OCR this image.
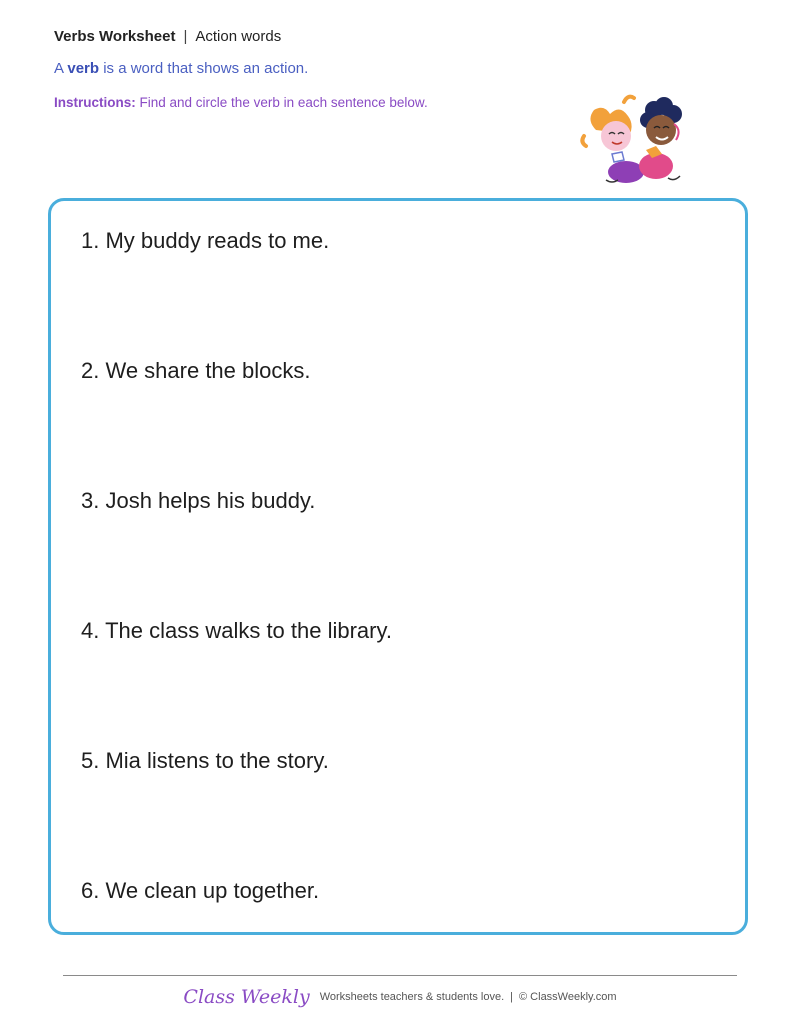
Verbs Worksheet | Action words
A verb is a word that shows an action.
Instructions: Find and circle the verb in each sentence below.
1. My buddy reads to me.
2. We share the blocks.
3. Josh helps his buddy.
4. The class walks to the library.
5. Mia listens to the story.
6. We clean up together.
Class Weekly Worksheets teachers & students love. | © ClassWeekly.com
